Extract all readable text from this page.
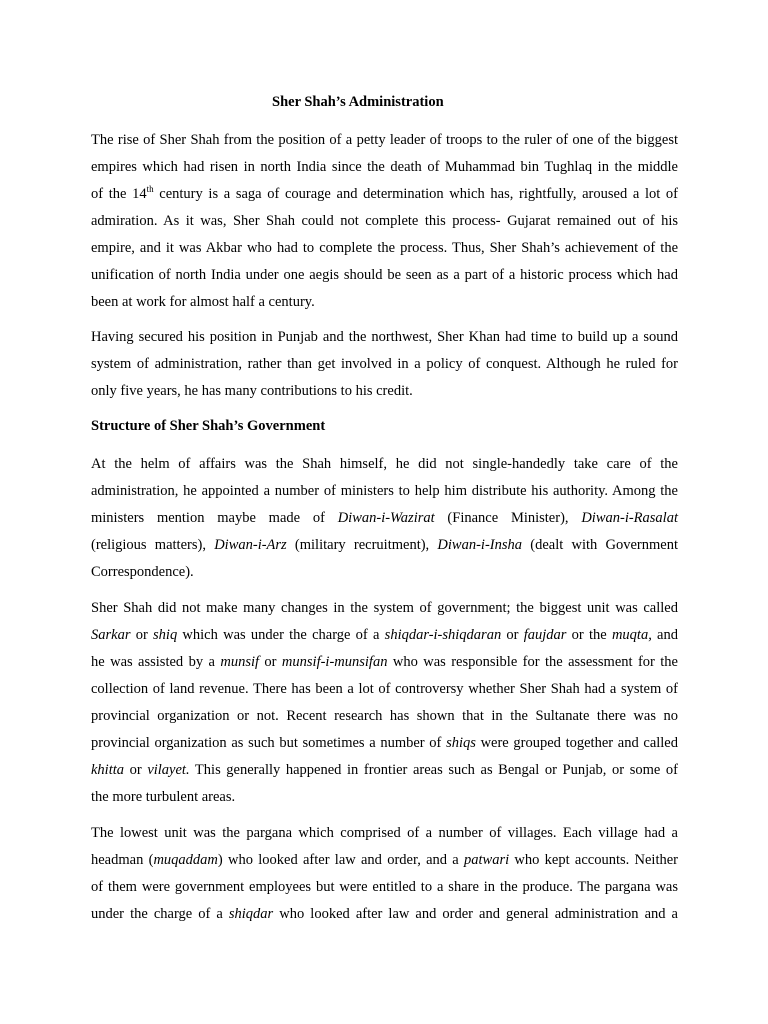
Sher Shah’s Administration
The rise of Sher Shah from the position of a petty leader of troops to the ruler of one of the biggest
empires which had risen in north India since the death of Muhammad bin Tughlaq in the middle
of the 14th century is a saga of courage and determination which has, rightfully, aroused a lot of
admiration. As it was, Sher Shah could not complete this process- Gujarat remained out of his
empire, and it was Akbar who had to complete the process. Thus, Sher Shah’s achievement of the
unification of north India under one aegis should be seen as a part of a historic process which had
been at work for almost half a century.
Having secured his position in Punjab and the northwest, Sher Khan had time to build up a sound
system of administration, rather than get involved in a policy of conquest. Although he ruled for
only five years, he has many contributions to his credit.
Structure of Sher Shah’s Government
At the helm of affairs was the Shah himself, he did not single-handedly take care of the
administration, he appointed a number of ministers to help him distribute his authority. Among the
ministers mention maybe made of Diwan-i-Wazirat (Finance Minister), Diwan-i-Rasalat
(religious matters), Diwan-i-Arz (military recruitment), Diwan-i-Insha (dealt with Government
Correspondence).
Sher Shah did not make many changes in the system of government; the biggest unit was called
Sarkar or shiq which was under the charge of a shiqdar-i-shiqdaran or faujdar or the muqta, and
he was assisted by a munsif or munsif-i-munsifan who was responsible for the assessment for the
collection of land revenue. There has been a lot of controversy whether Sher Shah had a system of
provincial organization or not. Recent research has shown that in the Sultanate there was no
provincial organization as such but sometimes a number of shiqs were grouped together and called
khitta or vilayet. This generally happened in frontier areas such as Bengal or Punjab, or some of
the more turbulent areas.
The lowest unit was the pargana which comprised of a number of villages. Each village had a
headman (muqaddam) who looked after law and order, and a patwari who kept accounts. Neither
of them were government employees but were entitled to a share in the produce. The pargana was
under the charge of a shiqdar who looked after law and order and general administration and a
